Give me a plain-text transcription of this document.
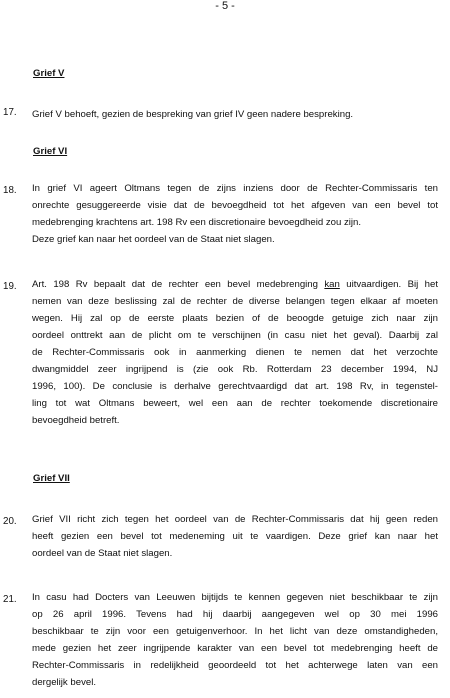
- 5 -
Grief V
17. Grief V behoeft, gezien de bespreking van grief IV geen nadere bespreking.
Grief VI
18. In grief VI ageert Oltmans tegen de zijns inziens door de Rechter-Commissaris ten
onrechte gesuggereerde visie dat de bevoegdheid tot het afgeven van een bevel tot
medebrenging krachtens art. 198 Rv een discretionaire bevoegdheid zou zijn.
Deze grief kan naar het oordeel van de Staat niet slagen.
19. Art. 198 Rv bepaalt dat de rechter een bevel medebrenging kan uitvaardigen. Bij het
nemen van deze beslissing zal de rechter de diverse belangen tegen elkaar af moeten
wegen. Hij zal op de eerste plaats bezien of de beoogde getuige zich naar zijn
oordeel onttrekt aan de plicht om te verschijnen (in casu niet het geval). Daarbij zal
de Rechter-Commissaris ook in aanmerking dienen te nemen dat het verzochte
dwangmiddel zeer ingrijpend is (zie ook Rb. Rotterdam 23 december 1994, NJ
1996, 100). De conclusie is derhalve gerechtvaardigd dat art. 198 Rv, in tegenstel-
ling tot wat Oltmans beweert, wel een aan de rechter toekomende discretionaire
bevoegdheid betreft.
Grief VII
20. Grief VII richt zich tegen het oordeel van de Rechter-Commissaris dat hij geen reden
heeft gezien een bevel tot medeneming uit te vaardigen. Deze grief kan naar het
oordeel van de Staat niet slagen.
21. In casu had Docters van Leeuwen bijtijds te kennen gegeven niet beschikbaar te zijn
op 26 april 1996. Tevens had hij daarbij aangegeven wel op 30 mei 1996
beschikbaar te zijn voor een getuigenverhoor. In het licht van deze omstandigheden,
mede gezien het zeer ingrijpende karakter van een bevel tot medebrenging heeft de
Rechter-Commissaris in redelijkheid geoordeeld tot het achterwege laten van een
dergelijk bevel.
